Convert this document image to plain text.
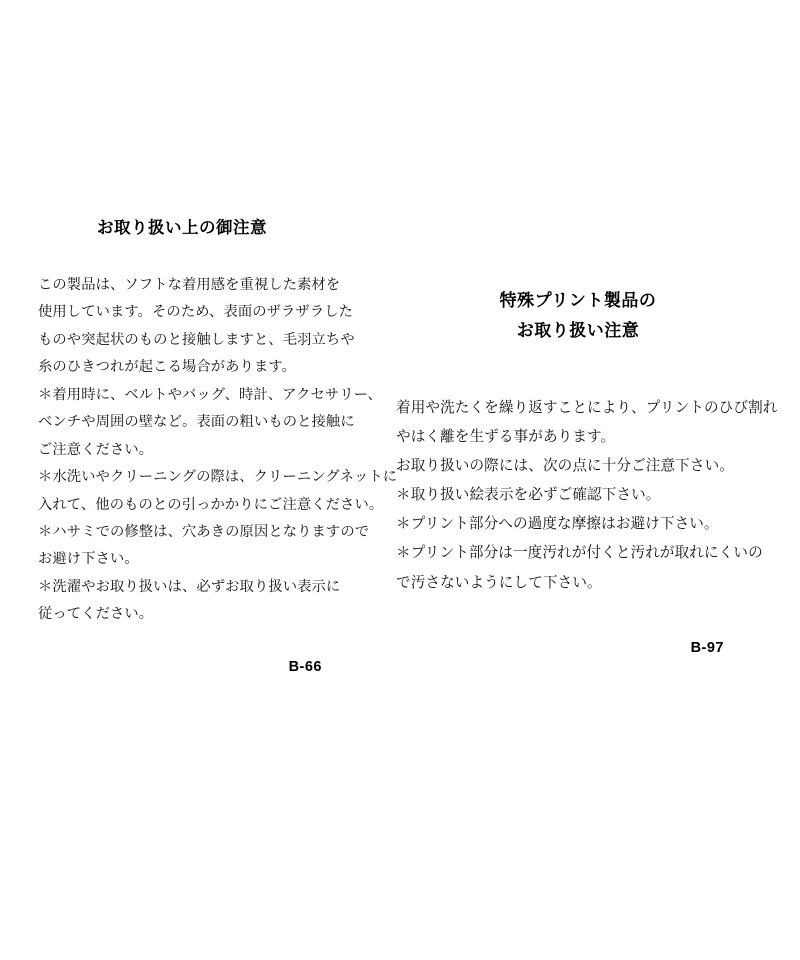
お取り扱い上の御注意

この製品は、ソフトな着用感を重視した素材を
使用しています。そのため、表面のザラザラした
ものや突起状のものと接触しますと、毛羽立ちや
糸のひきつれが起こる場合があります。
＊着用時に、ベルトやバッグ、時計、アクセサリー、
ベンチや周囲の壁など。表面の粗いものと接触に
ご注意ください。
＊水洗いやクリーニングの際は、クリーニングネットに
入れて、他のものとの引っかかりにご注意ください。
＊ハサミでの修整は、穴あきの原因となりますので
お避け下さい。
＊洗濯やお取り扱いは、必ずお取り扱い表示に
従ってください。

B-66

特殊プリント製品の
お取り扱い注意

着用や洗たくを繰り返すことにより、プリントのひび割れ
やはく離を生ずる事があります。
お取り扱いの際には、次の点に十分ご注意下さい。
＊取り扱い絵表示を必ずご確認下さい。
＊プリント部分への過度な摩擦はお避け下さい。
＊プリント部分は一度汚れが付くと汚れが取れにくいの
で汚さないようにして下さい。

B-97
